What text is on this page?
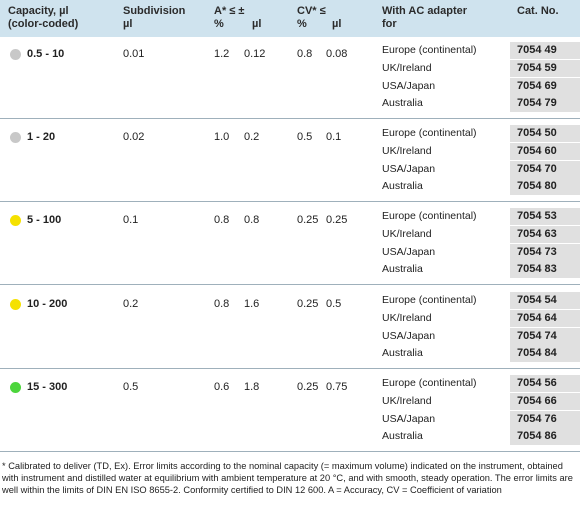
Capacity, µl
(color-coded)
Subdivision
µl
A* ≤ ±
%	µl
CV* ≤
% µl
With AC adapter
for
Cat. No.
0.5 - 10	0.01	1.2 0.12	0.8 0.08	Europe (continental)	7054 49
UK/Ireland	7054 59
USA/Japan	7054 69
Australia	7054 79
1 - 20	0.02	1.0 0.2	0.5 0.1	Europe (continental)	7054 50
UK/Ireland	7054 60
USA/Japan	7054 70
Australia	7054 80
5 - 100	0.1	0.8 0.8	0.25 0.25	Europe (continental)	7054 53
UK/Ireland	7054 63
USA/Japan	7054 73
Australia	7054 83
10 - 200	0.2	0.8 1.6	0.25 0.5	Europe (continental)	7054 54
UK/Ireland	7054 64
USA/Japan	7054 74
Australia	7054 84
15 - 300	0.5	0.6 1.8	0.25 0.75	Europe (continental)	7054 56
UK/Ireland	7054 66
USA/Japan	7054 76
Australia	7054 86
* Calibrated to deliver (TD, Ex). Error limits according to the nominal capacity (= maximum volume) indicated on the instrument, obtained with instrument and distilled water at equilibrium with ambient temperature at 20 °C, and with smooth, steady operation. The error limits are well within the limits of DIN EN ISO 8655-2. Conformity certified to DIN 12 600. A = Accuracy, CV = Coefficient of variation
